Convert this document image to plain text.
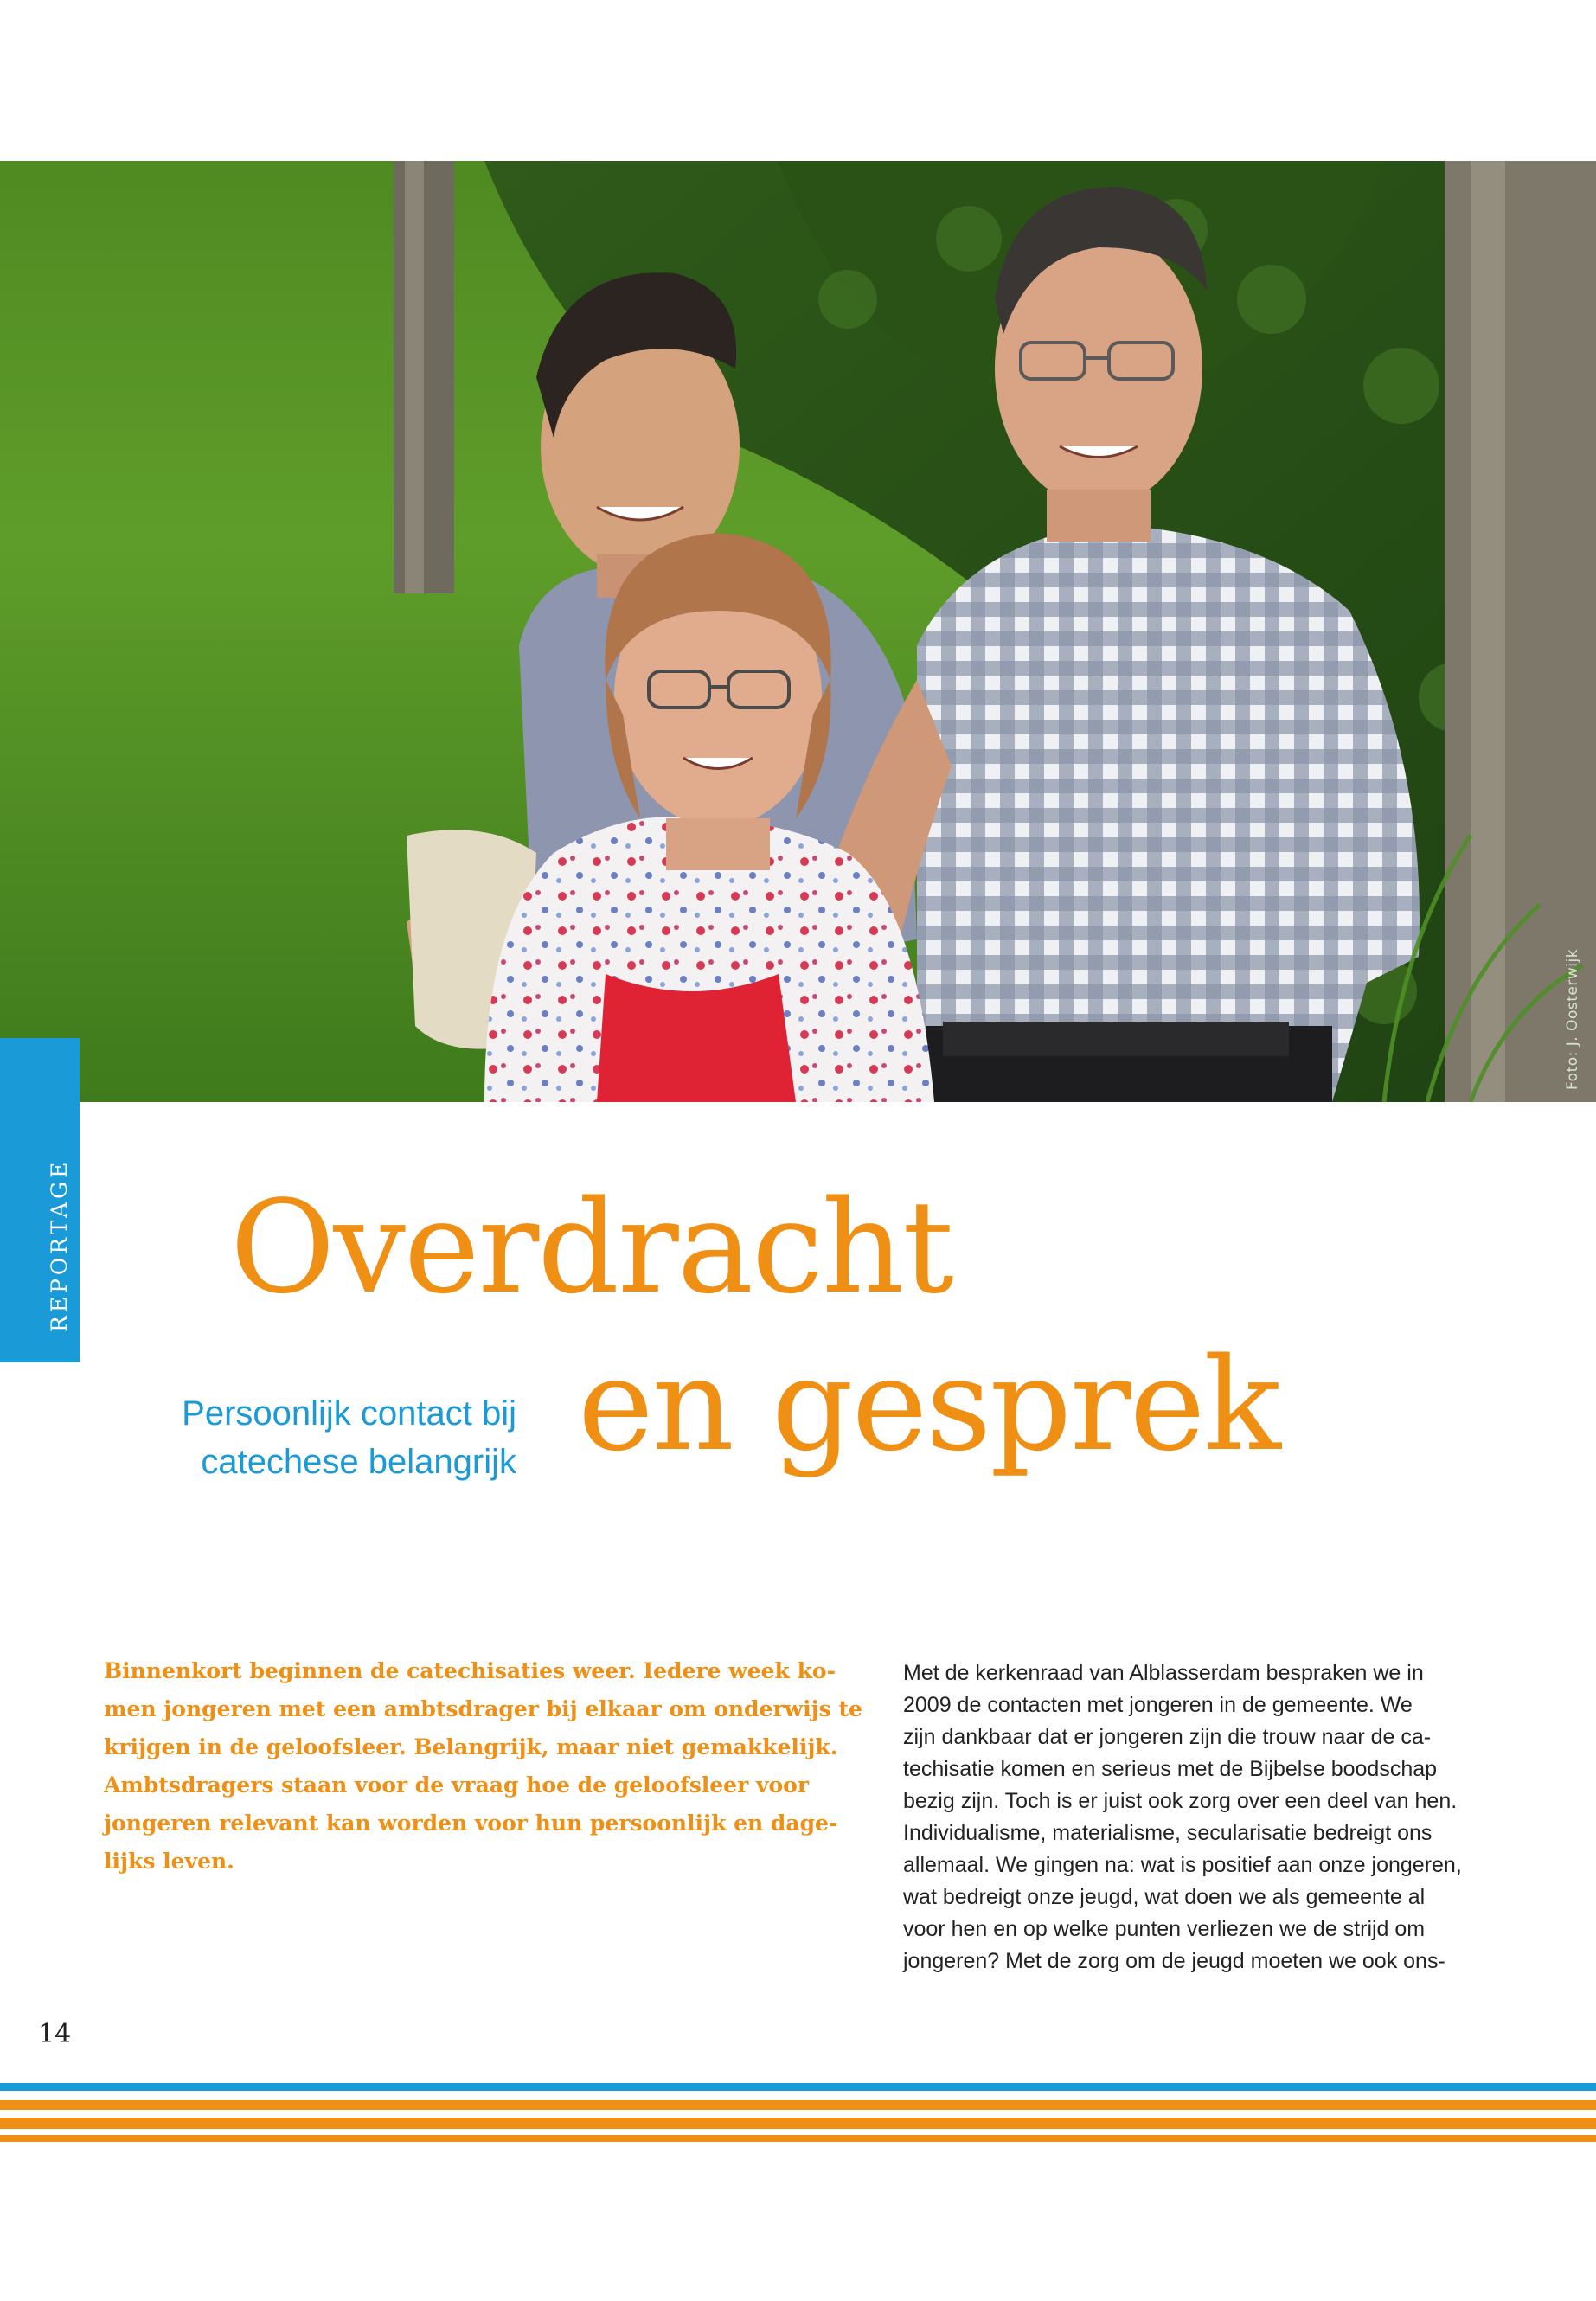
Foto: J. Oosterwijk
REPORTAGE Overdracht
en gesprek
Persoonlijk contact bij
catechese belangrijk
Binnenkort beginnen de catechisaties weer. Iedere week ko-
men jongeren met een ambtsdrager bij elkaar om onderwijs te
krijgen in de geloofsleer. Belangrijk, maar niet gemakkelijk.
Ambtsdragers staan voor de vraag hoe de geloofsleer voor
jongeren relevant kan worden voor hun persoonlijk en dage-
lijks leven.
Met de kerkenraad van Alblasserdam bespraken we in
2009 de contacten met jongeren in de gemeente. We
zijn dankbaar dat er jongeren zijn die trouw naar de ca-
techisatie komen en serieus met de Bijbelse boodschap
bezig zijn. Toch is er juist ook zorg over een deel van hen.
Individualisme, materialisme, secularisatie bedreigt ons
allemaal. We gingen na: wat is positief aan onze jongeren,
wat bedreigt onze jeugd, wat doen we als gemeente al
voor hen en op welke punten verliezen we de strijd om
jongeren? Met de zorg om de jeugd moeten we ook ons-
14
